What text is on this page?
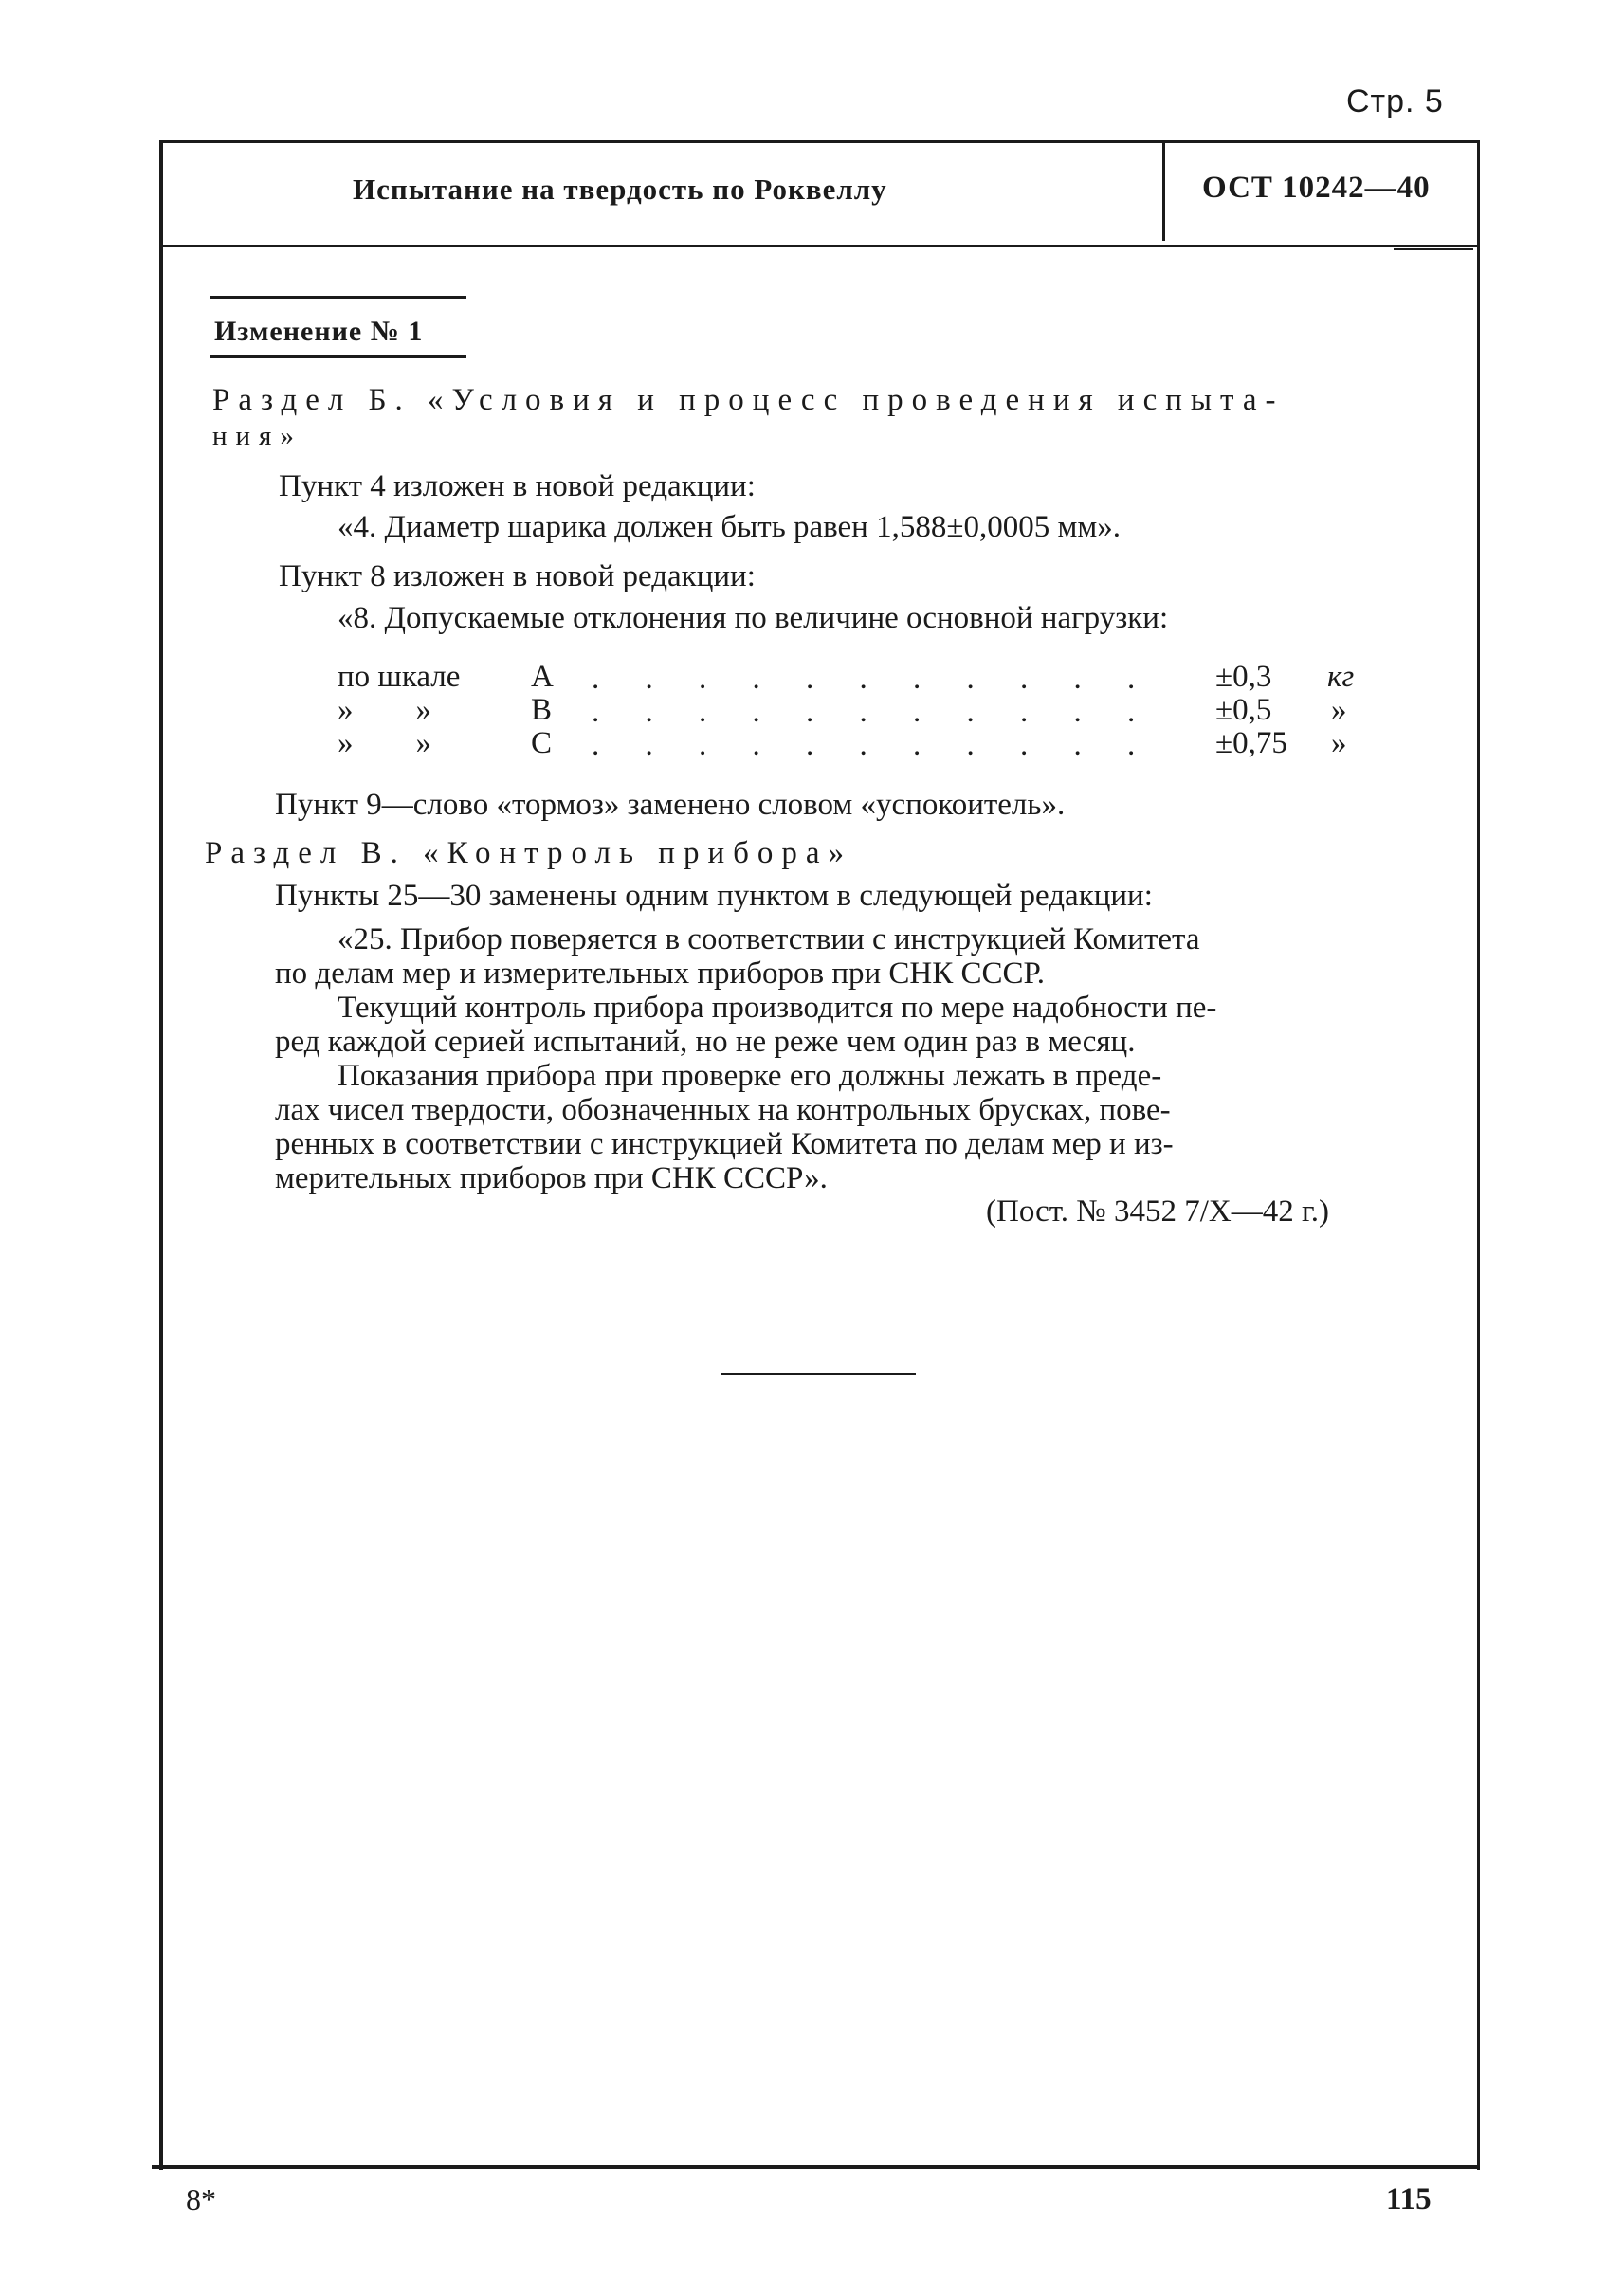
Стр. 5
Испытание на твердость по Роквеллу	ОСТ 10242—40
Изменение № 1
Раздел Б. «Условия и процесс проведения испыта-
ния»
Пункт 4 изложен в новой редакции:
«4. Диаметр шарика должен быть равен 1,588±0,0005 мм».
Пункт 8 изложен в новой редакции:
«8. Допускаемые отклонения по величине основной нагрузки:
по шкале А . . . . . . . . . . . ±0,3 кг
»        »	В . . . . . . . . . . . ±0,5 »
»        »	С . . . . . . . . . . . ±0,75 »
Пункт 9—слово «тормоз» заменено словом «успокоитель».
Раздел В. «Контроль прибора»
Пункты 25—30 заменены одним пунктом в следующей редакции:
«25. Прибор поверяется в соответствии с инструкцией Комитета
по делам мер и измерительных приборов при СНК СССР.
Текущий контроль прибора производится по мере надобности пе-
ред каждой серией испытаний, но не реже чем один раз в месяц.
Показания прибора при проверке его должны лежать в преде-
лах чисел твердости, обозначенных на контрольных брусках, пове-
ренных в соответствии с инструкцией Комитета по делам мер и из-
мерительных приборов при СНК СССР».
(Пост. № 3452 7/X—42 г.)
8*	115
